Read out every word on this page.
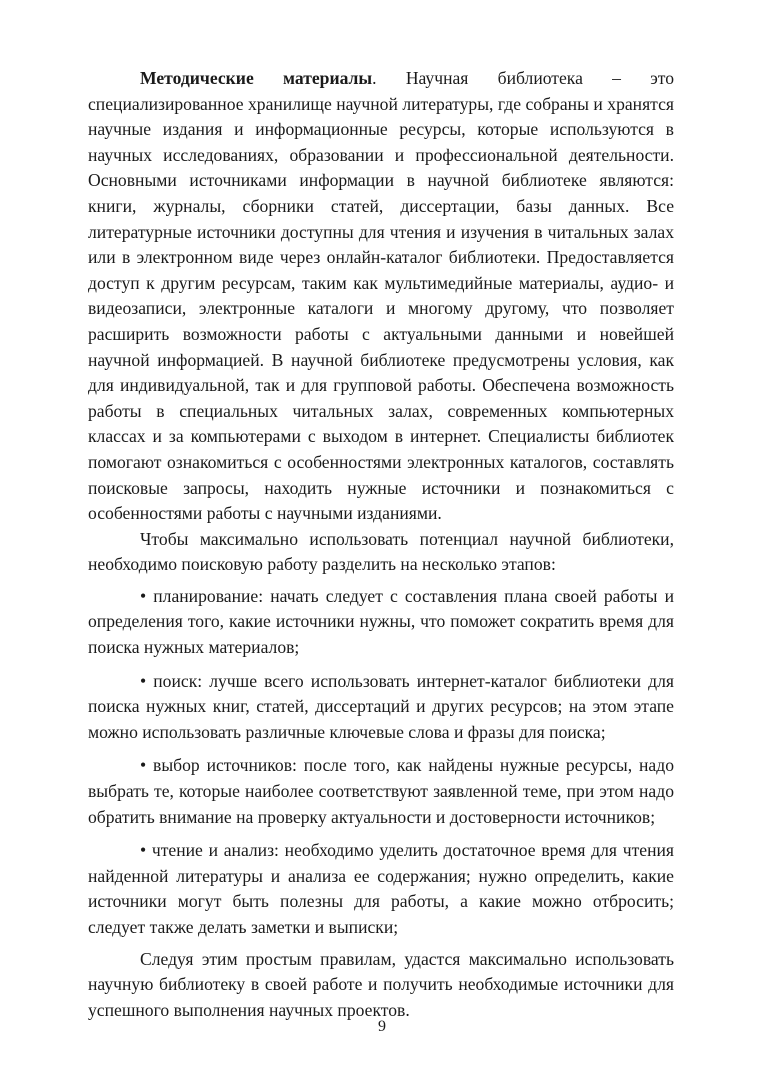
Методические материалы. Научная библиотека – это специализированное хранилище научной литературы, где собраны и хранятся научные издания и информационные ресурсы, которые используются в научных исследованиях, образовании и профессиональной деятельности. Основными источниками информации в научной библиотеке являются: книги, журналы, сборники статей, диссертации, базы данных. Все литературные источники доступны для чтения и изучения в читальных залах или в электронном виде через онлайн-каталог библиотеки. Предоставляется доступ к другим ресурсам, таким как мультимедийные материалы, аудио- и видеозаписи, электронные каталоги и многому другому, что позволяет расширить возможности работы с актуальными данными и новейшей научной информацией. В научной библиотеке предусмотрены условия, как для индивидуальной, так и для групповой работы. Обеспечена возможность работы в специальных читальных залах, современных компьютерных классах и за компьютерами с выходом в интернет. Специалисты библиотек помогают ознакомиться с особенностями электронных каталогов, составлять поисковые запросы, находить нужные источники и познакомиться с особенностями работы с научными изданиями.

Чтобы максимально использовать потенциал научной библиотеки, необходимо поисковую работу разделить на несколько этапов:

• планирование: начать следует с составления плана своей работы и определения того, какие источники нужны, что поможет сократить время для поиска нужных материалов;

• поиск: лучше всего использовать интернет-каталог библиотеки для поиска нужных книг, статей, диссертаций и других ресурсов; на этом этапе можно использовать различные ключевые слова и фразы для поиска;

• выбор источников: после того, как найдены нужные ресурсы, надо выбрать те, которые наиболее соответствуют заявленной теме, при этом надо обратить внимание на проверку актуальности и достоверности источников;

• чтение и анализ: необходимо уделить достаточное время для чтения найденной литературы и анализа ее содержания; нужно определить, какие источники могут быть полезны для работы, а какие можно отбросить; следует также делать заметки и выписки;

Следуя этим простым правилам, удастся максимально использовать научную библиотеку в своей работе и получить необходимые источники для успешного выполнения научных проектов.

9
